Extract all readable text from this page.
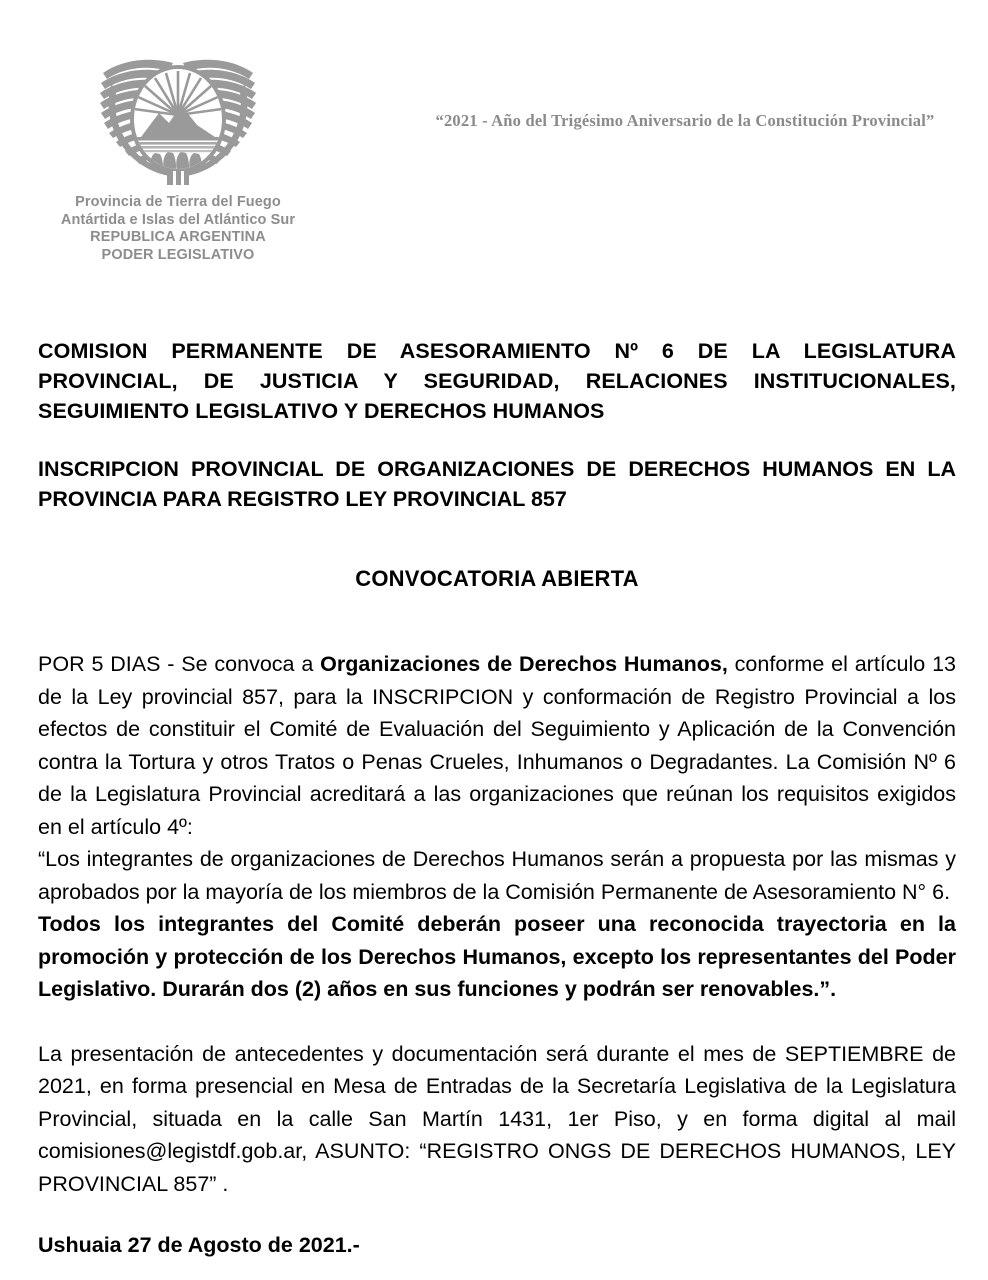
Provincia de Tierra del Fuego
Antártida e Islas del Atlántico Sur
REPUBLICA ARGENTINA
PODER LEGISLATIVO
“2021 - Año del Trigésimo Aniversario de la Constitución Provincial”
COMISION PERMANENTE DE ASESORAMIENTO Nº 6 DE LA LEGISLATURA PROVINCIAL, DE JUSTICIA Y SEGURIDAD, RELACIONES INSTITUCIONALES, SEGUIMIENTO LEGISLATIVO Y DERECHOS HUMANOS
INSCRIPCION PROVINCIAL DE ORGANIZACIONES DE DERECHOS HUMANOS EN LA PROVINCIA PARA REGISTRO LEY PROVINCIAL 857
CONVOCATORIA ABIERTA
POR 5 DIAS - Se convoca a Organizaciones de Derechos Humanos, conforme el artículo 13 de la Ley provincial 857, para la INSCRIPCION y conformación de Registro Provincial a los efectos de constituir el Comité de Evaluación del Seguimiento y Aplicación de la Convención contra la Tortura y otros Tratos o Penas Crueles, Inhumanos o Degradantes. La Comisión Nº 6 de la Legislatura Provincial acreditará a las organizaciones que reúnan los requisitos exigidos en el artículo 4º:
“Los integrantes de organizaciones de Derechos Humanos serán a propuesta por las mismas y aprobados por la mayoría de los miembros de la Comisión Permanente de Asesoramiento N° 6.
Todos los integrantes del Comité deberán poseer una reconocida trayectoria en la promoción y protección de los Derechos Humanos, excepto los representantes del Poder Legislativo. Durarán dos (2) años en sus funciones y podrán ser renovables.”.
La presentación de antecedentes y documentación será durante el mes de SEPTIEMBRE de 2021, en forma presencial en Mesa de Entradas de la Secretaría Legislativa de la Legislatura Provincial, situada en la calle San Martín 1431, 1er Piso, y en forma digital al mail comisiones@legistdf.gob.ar, ASUNTO: “REGISTRO ONGS DE DERECHOS HUMANOS, LEY PROVINCIAL 857” .
Ushuaia 27 de Agosto de 2021.-
